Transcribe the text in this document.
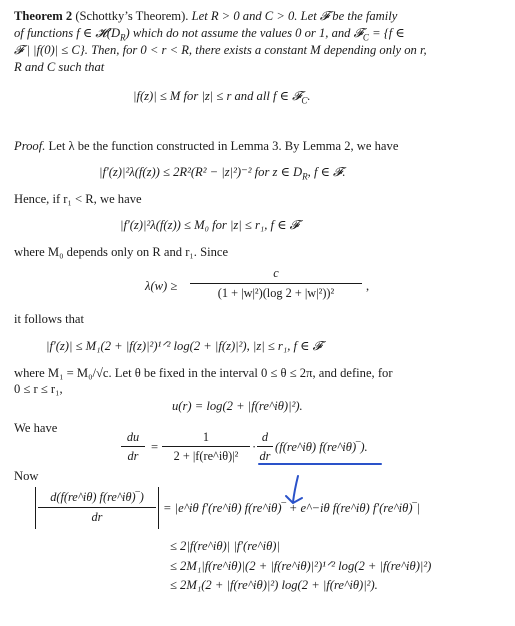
Theorem 2 (Schottky’s Theorem). Let R > 0 and C > 0. Let 𝓕 be the family
of functions f ∈ $𝓗(D_R)$ which do not assume the values 0 or 1, and 𝓕$_C$ = {f ∈
𝓕 | |f(0)| ≤ C}. Then, for 0 < r < R, there exists a constant M depending only on r,
R and C such that
|f(z)| ≤ M for |z| ≤ r and all f ∈ 𝓕$_C$.
Proof. Let λ be the function constructed in Lemma 3. By Lemma 2, we have
|f′(z)|²λ(f(z)) ≤ 2R²(R² − |z|²)⁻² for z ∈ $D_R$, f ∈ 𝓕.
Hence, if r₁ < R, we have
|f′(z)|²λ(f(z)) ≤ M₀ for |z| ≤ r₁, f ∈ 𝓕
where M₀ depends only on R and r₁. Since
λ(w) ≥
c
(1 + |w|²)(log 2 + |w|²))²	,
it follows that
|f′(z)| ≤ M₁(2 + |f(z)|²)¹ᐟ² log(2 + |f(z)|²), |z| ≤ r₁, f ∈ 𝓕
where M₁ = M₀/√c. Let θ be fixed in the interval 0 ≤ θ ≤ 2π, and define, for
0 ≤ r ≤ r₁,
u(r) = log(2 + |f(re^iθ)|²).
We have
du
dr
=
1
2 + |f(re^iθ)|²
·
d
dr
(f(re^iθ) f(re^iθ)‾).
Now
d(f(re^iθ) f(re^iθ)‾)
dr
= |e^iθ f′(re^iθ) f(re^iθ)‾ + e^−iθ f(re^iθ) f′(re^iθ)‾|
≤ 2|f(re^iθ)| |f′(re^iθ)|
≤ 2M₁|f(re^iθ)|(2 + |f(re^iθ)|²)¹ᐟ² log(2 + |f(re^iθ)|²)
≤ 2M₁(2 + |f(re^iθ)|²) log(2 + |f(re^iθ)|²).
